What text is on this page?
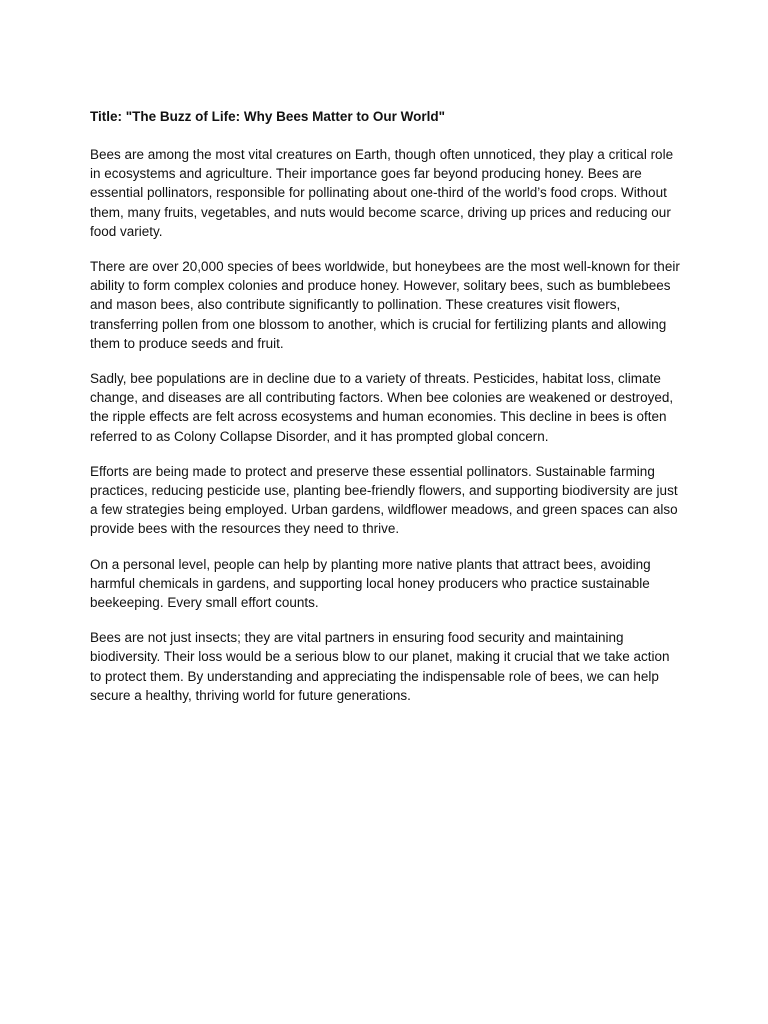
Title: "The Buzz of Life: Why Bees Matter to Our World"

Bees are among the most vital creatures on Earth, though often unnoticed, they play a critical role in ecosystems and agriculture. Their importance goes far beyond producing honey. Bees are essential pollinators, responsible for pollinating about one-third of the world’s food crops. Without them, many fruits, vegetables, and nuts would become scarce, driving up prices and reducing our food variety.

There are over 20,000 species of bees worldwide, but honeybees are the most well-known for their ability to form complex colonies and produce honey. However, solitary bees, such as bumblebees and mason bees, also contribute significantly to pollination. These creatures visit flowers, transferring pollen from one blossom to another, which is crucial for fertilizing plants and allowing them to produce seeds and fruit.

Sadly, bee populations are in decline due to a variety of threats. Pesticides, habitat loss, climate change, and diseases are all contributing factors. When bee colonies are weakened or destroyed, the ripple effects are felt across ecosystems and human economies. This decline in bees is often referred to as Colony Collapse Disorder, and it has prompted global concern.

Efforts are being made to protect and preserve these essential pollinators. Sustainable farming practices, reducing pesticide use, planting bee-friendly flowers, and supporting biodiversity are just a few strategies being employed. Urban gardens, wildflower meadows, and green spaces can also provide bees with the resources they need to thrive.

On a personal level, people can help by planting more native plants that attract bees, avoiding harmful chemicals in gardens, and supporting local honey producers who practice sustainable beekeeping. Every small effort counts.

Bees are not just insects; they are vital partners in ensuring food security and maintaining biodiversity. Their loss would be a serious blow to our planet, making it crucial that we take action to protect them. By understanding and appreciating the indispensable role of bees, we can help secure a healthy, thriving world for future generations.
